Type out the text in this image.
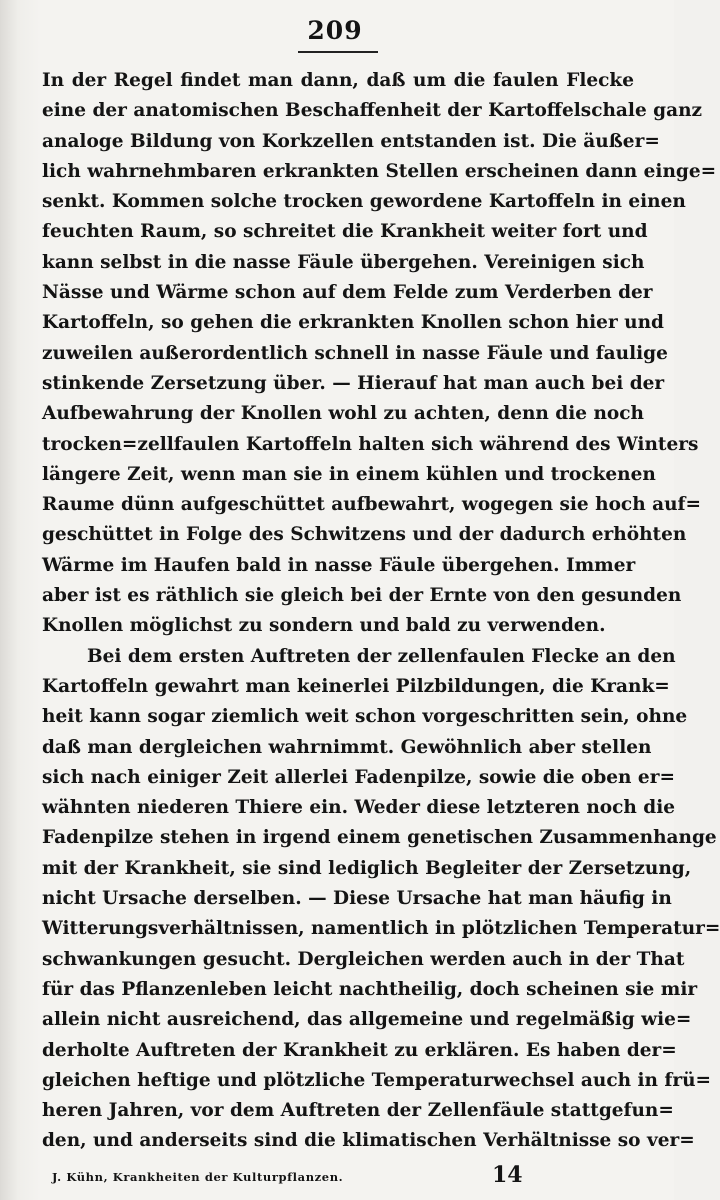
209
In der Regel findet man dann, daß um die faulen Flecke
eine der anatomischen Beschaffenheit der Kartoffelschale ganz
analoge Bildung von Korkzellen entstanden ist. Die äußer=
lich wahrnehmbaren erkrankten Stellen erscheinen dann einge=
senkt. Kommen solche trocken gewordene Kartoffeln in einen
feuchten Raum, so schreitet die Krankheit weiter fort und
kann selbst in die nasse Fäule übergehen. Vereinigen sich
Nässe und Wärme schon auf dem Felde zum Verderben der
Kartoffeln, so gehen die erkrankten Knollen schon hier und
zuweilen außerordentlich schnell in nasse Fäule und faulige
stinkende Zersetzung über. — Hierauf hat man auch bei der
Aufbewahrung der Knollen wohl zu achten, denn die noch
trocken=zellfaulen Kartoffeln halten sich während des Winters
längere Zeit, wenn man sie in einem kühlen und trockenen
Raume dünn aufgeschüttet aufbewahrt, wogegen sie hoch auf=
geschüttet in Folge des Schwitzens und der dadurch erhöhten
Wärme im Haufen bald in nasse Fäule übergehen. Immer
aber ist es räthlich sie gleich bei der Ernte von den gesunden
Knollen möglichst zu sondern und bald zu verwenden.
Bei dem ersten Auftreten der zellenfaulen Flecke an den
Kartoffeln gewahrt man keinerlei Pilzbildungen, die Krank=
heit kann sogar ziemlich weit schon vorgeschritten sein, ohne
daß man dergleichen wahrnimmt. Gewöhnlich aber stellen
sich nach einiger Zeit allerlei Fadenpilze, sowie die oben er=
wähnten niederen Thiere ein. Weder diese letzteren noch die
Fadenpilze stehen in irgend einem genetischen Zusammenhange
mit der Krankheit, sie sind lediglich Begleiter der Zersetzung,
nicht Ursache derselben. — Diese Ursache hat man häufig in
Witterungsverhältnissen, namentlich in plötzlichen Temperatur=
schwankungen gesucht. Dergleichen werden auch in der That
für das Pflanzenleben leicht nachtheilig, doch scheinen sie mir
allein nicht ausreichend, das allgemeine und regelmäßig wie=
derholte Auftreten der Krankheit zu erklären. Es haben der=
gleichen heftige und plötzliche Temperaturwechsel auch in frü=
heren Jahren, vor dem Auftreten der Zellenfäule stattgefun=
den, und anderseits sind die klimatischen Verhältnisse so ver=
J. Kühn, Krankheiten der Kulturpflanzen.	14
